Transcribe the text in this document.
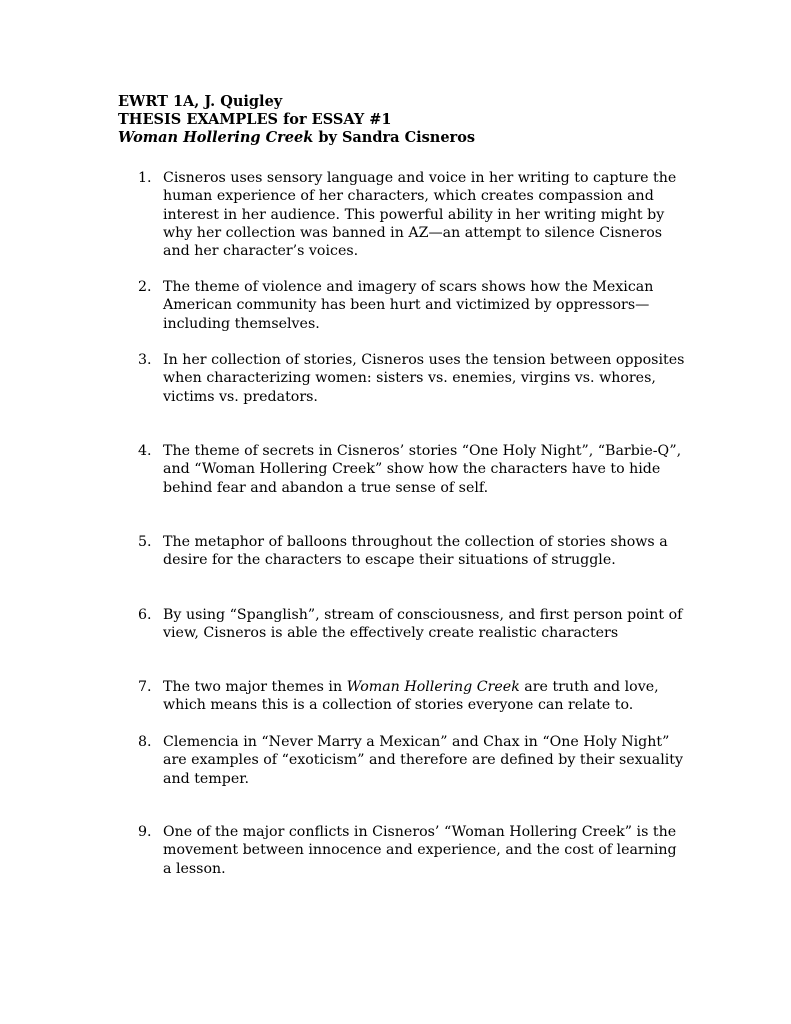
EWRT 1A, J. Quigley
THESIS EXAMPLES for ESSAY #1
Woman Hollering Creek by Sandra Cisneros
1. Cisneros uses sensory language and voice in her writing to capture the human experience of her characters, which creates compassion and interest in her audience. This powerful ability in her writing might by why her collection was banned in AZ—an attempt to silence Cisneros and her character’s voices.
2. The theme of violence and imagery of scars shows how the Mexican American community has been hurt and victimized by oppressors—including themselves.
3. In her collection of stories, Cisneros uses the tension between opposites when characterizing women: sisters vs. enemies, virgins vs. whores, victims vs. predators.
4. The theme of secrets in Cisneros’ stories “One Holy Night”, “Barbie-Q”, and “Woman Hollering Creek” show how the characters have to hide behind fear and abandon a true sense of self.
5. The metaphor of balloons throughout the collection of stories shows a desire for the characters to escape their situations of struggle.
6. By using “Spanglish”, stream of consciousness, and first person point of view, Cisneros is able the effectively create realistic characters
7. The two major themes in Woman Hollering Creek are truth and love, which means this is a collection of stories everyone can relate to.
8. Clemencia in “Never Marry a Mexican” and Chax in “One Holy Night” are examples of “exoticism” and therefore are defined by their sexuality and temper.
9. One of the major conflicts in Cisneros’ “Woman Hollering Creek” is the movement between innocence and experience, and the cost of learning a lesson.
